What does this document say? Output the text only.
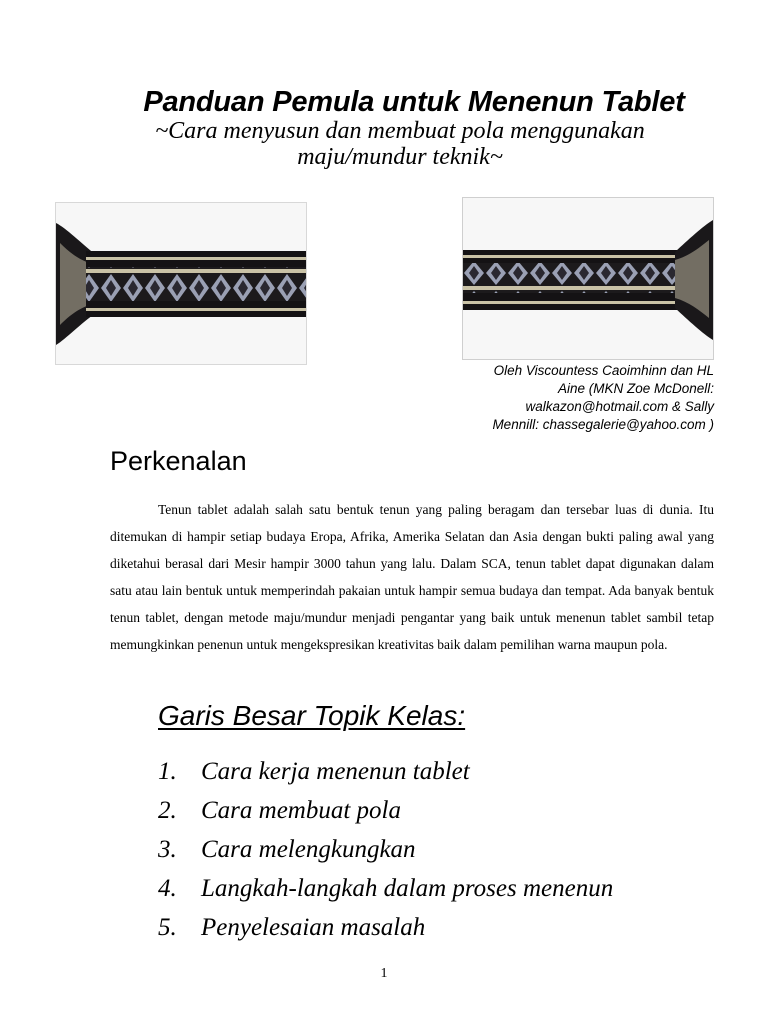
Panduan Pemula untuk Menenun Tablet
~Cara menyusun dan membuat pola menggunakan maju/mundur teknik~
Oleh Viscountess Caoimhinn dan HL
Aine (MKN Zoe McDonell:
walkazon@hotmail.com & Sally
Mennill: chassegalerie@yahoo.com )
Perkenalan

Tenun tablet adalah salah satu bentuk tenun yang paling beragam dan tersebar luas di dunia. Itu ditemukan di hampir setiap budaya Eropa, Afrika, Amerika Selatan dan Asia dengan bukti paling awal yang diketahui berasal dari Mesir hampir 3000 tahun yang lalu. Dalam SCA, tenun tablet dapat digunakan dalam satu atau lain bentuk untuk memperindah pakaian untuk hampir semua budaya dan tempat. Ada banyak bentuk tenun tablet, dengan metode maju/mundur menjadi pengantar yang baik untuk menenun tablet sambil tetap memungkinkan penenun untuk mengekspresikan kreativitas baik dalam pemilihan warna maupun pola.

Garis Besar Topik Kelas:
1. Cara kerja menenun tablet
2. Cara membuat pola
3. Cara melengkungkan
4. Langkah-langkah dalam proses menenun
5. Penyelesaian masalah
1
